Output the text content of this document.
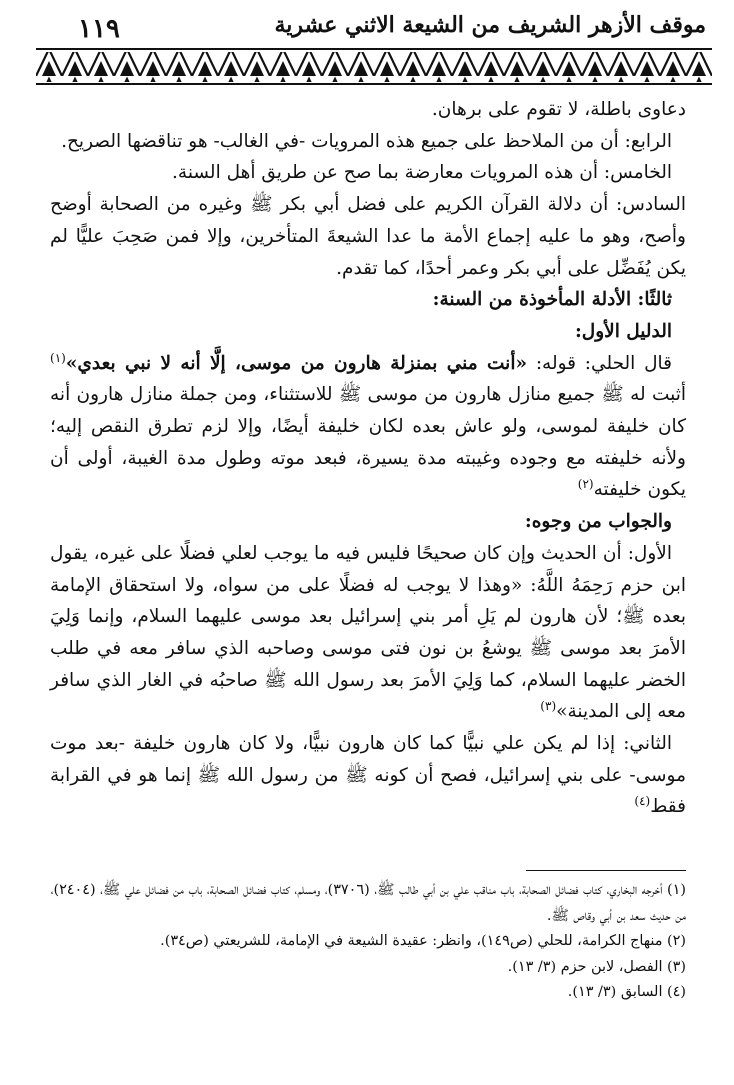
١١٩	موقف الأزهر الشريف من الشيعة الاثني عشرية

دعاوى باطلة، لا تقوم على برهان.

الرابع: أن من الملاحظ على جميع هذه المرويات -في الغالب- هو تناقضها الصريح.

الخامس: أن هذه المرويات معارضة بما صح عن طريق أهل السنة.

السادس: أن دلالة القرآن الكريم على فضل أبي بكر ﷺ وغيره من الصحابة أوضح وأصح، وهو ما عليه إجماع الأمة ما عدا الشيعةَ المتأخرين، وإلا فمن صَحِبَ عليًّا لم يكن يُفَضِّل على أبي بكر وعمر أحدًا، كما تقدم.

ثالثًا: الأدلة المأخوذة من السنة:

الدليل الأول:

قال الحلي: قوله: «أنت مني بمنزلة هارون من موسى، إلَّا أنه لا نبي بعدي»$^{(١)}$ أثبت له ﷺ جميع منازل هارون من موسى ﷺ للاستثناء، ومن جملة منازل هارون أنه كان خليفة لموسى، ولو عاش بعده لكان خليفة أيضًا، وإلا لزم تطرق النقص إليه؛ ولأنه خليفته مع وجوده وغيبته مدة يسيرة، فبعد موته وطول مدة الغيبة، أولى أن يكون خليفته$^{(٢)}$

والجواب من وجوه:

الأول: أن الحديث وإن كان صحيحًا فليس فيه ما يوجب لعلي فضلًا على غيره، يقول ابن حزم رَحِمَهُ اللَّهُ: «وهذا لا يوجب له فضلًا على من سواه، ولا استحقاق الإمامة بعده ﷺ؛ لأن هارون لم يَلِ أمر بني إسرائيل بعد موسى عليهما السلام، وإنما وَلِيَ الأمرَ بعد موسى ﷺ يوشعُ بن نون فتى موسى وصاحبه الذي سافر معه في طلب الخضر عليهما السلام، كما وَلِيَ الأمرَ بعد رسول الله ﷺ صاحبُه في الغار الذي سافر معه إلى المدينة»$^{(٣)}$

الثاني: إذا لم يكن علي نبيًّا كما كان هارون نبيًّا، ولا كان هارون خليفة -بعد موت موسى- على بني إسرائيل، فصح أن كونه ﷺ من رسول الله ﷺ إنما هو في القرابة فقط$^{(٤)}$

(١) أخرجه البخاري، كتاب فضائل الصحابة، باب مناقب علي بن أبي طالب ﷺ، (٣٧٠٦)، ومسلم، كتاب فضائل الصحابة، باب من فضائل علي ﷺ، (٢٤٠٤)، من حديث سعد بن أبي وقاص ﷺ.

(٢) منهاج الكرامة، للحلي (ص١٤٩)، وانظر: عقيدة الشيعة في الإمامة، للشريعتي (ص٣٤).

(٣) الفصل، لابن حزم (٣/ ١٣).

(٤) السابق (٣/ ١٣).
